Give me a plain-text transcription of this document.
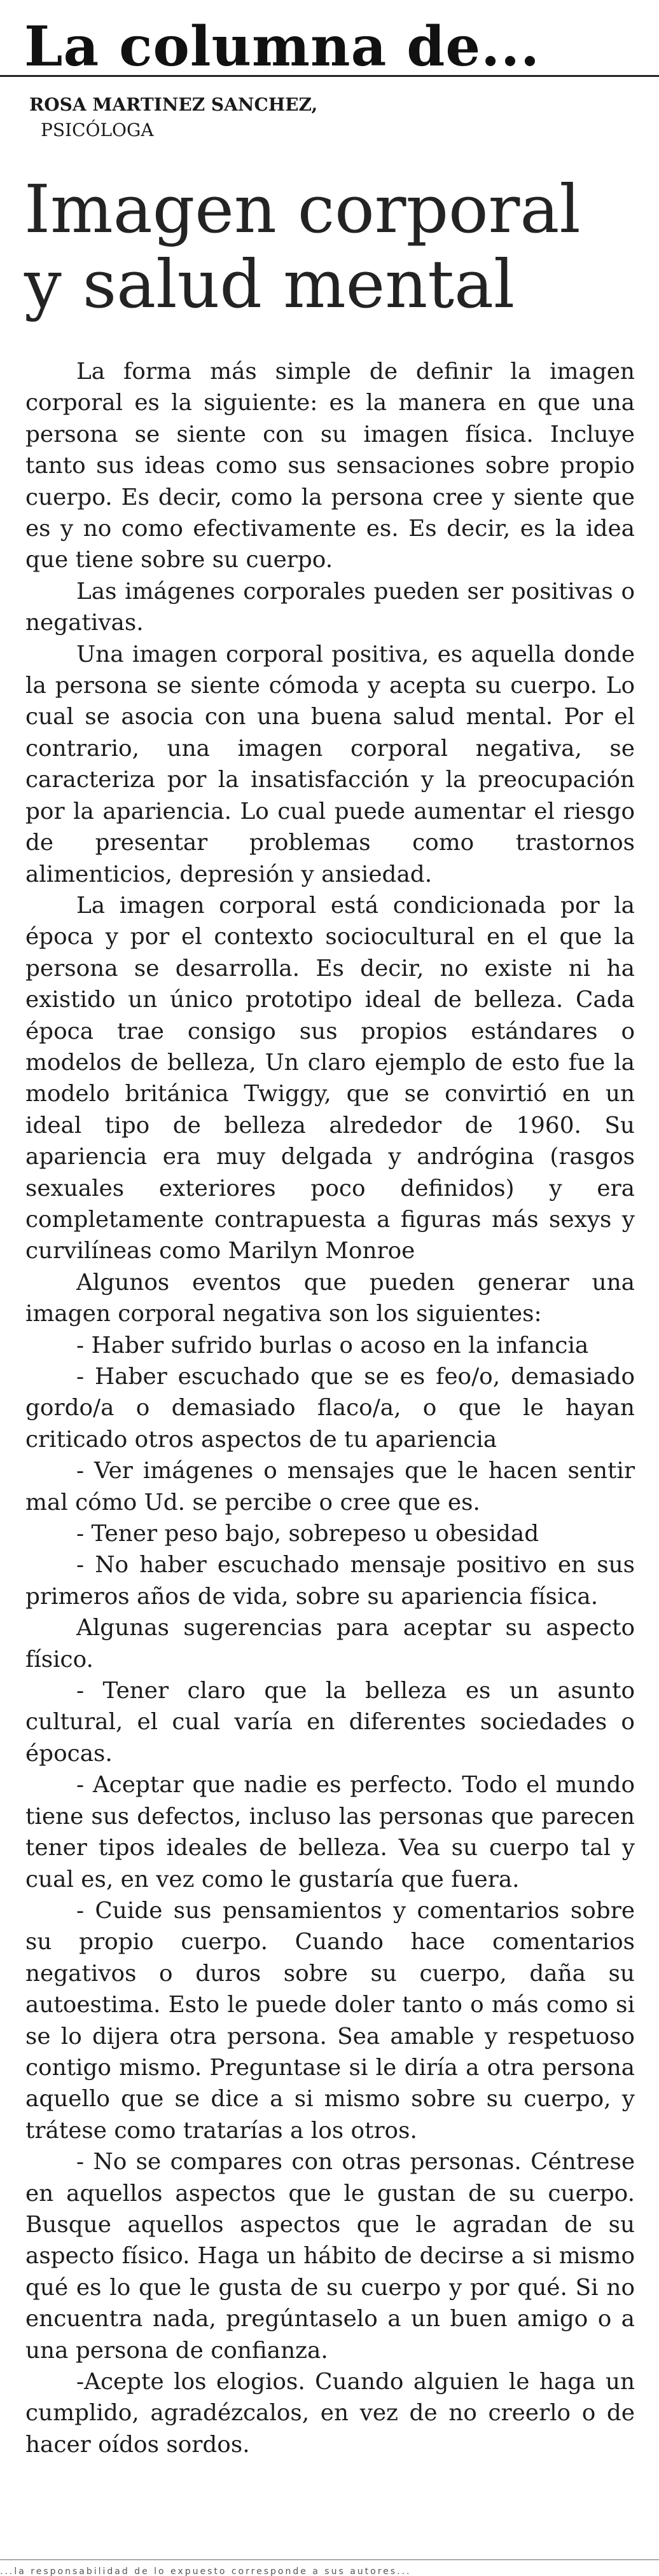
La columna de...
ROSA MARTINEZ SANCHEZ,
PSICÓLOGA
Imagen corporal y salud mental

La forma más simple de definir la imagen corporal es la siguiente: es la manera en que una persona se siente con su imagen física. Incluye tanto sus ideas como sus sensaciones sobre propio cuerpo. Es decir, como la persona cree y siente que es y no como efectivamente es. Es decir, es la idea que tiene sobre su cuerpo.

Las imágenes corporales pueden ser positivas o negativas.

Una imagen corporal positiva, es aquella donde la persona se siente cómoda y acepta su cuerpo. Lo cual se asocia con una buena salud mental. Por el contrario, una imagen corporal negativa, se caracteriza por la insatisfacción y la preocupación por la apariencia. Lo cual puede aumentar el riesgo de presentar problemas como trastornos alimenticios, depresión y ansiedad.

La imagen corporal está condicionada por la época y por el contexto sociocultural en el que la persona se desarrolla. Es decir, no existe ni ha existido un único prototipo ideal de belleza. Cada época trae consigo sus propios estándares o modelos de belleza, Un claro ejemplo de esto fue la modelo británica Twiggy, que se convirtió en un ideal tipo de belleza alrededor de 1960. Su apariencia era muy delgada y andrógina (rasgos sexuales exteriores poco definidos) y era completamente contrapuesta a figuras más sexys y curvilíneas como Marilyn Monroe

Algunos eventos que pueden generar una imagen corporal negativa son los siguientes:

- Haber sufrido burlas o acoso en la infancia

- Haber escuchado que se es feo/o, demasiado gordo/a o demasiado flaco/a, o que le hayan criticado otros aspectos de tu apariencia

- Ver imágenes o mensajes que le hacen sentir mal cómo Ud. se percibe o cree que es.

- Tener peso bajo, sobrepeso u obesidad

- No haber escuchado mensaje positivo en sus primeros años de vida, sobre su apariencia física.

Algunas sugerencias para aceptar su aspecto físico.

- Tener claro que la belleza es un asunto cultural, el cual varía en diferentes sociedades o épocas.

- Aceptar que nadie es perfecto. Todo el mundo tiene sus defectos, incluso las personas que parecen tener tipos ideales de belleza. Vea su cuerpo tal y cual es, en vez como le gustaría que fuera.

- Cuide sus pensamientos y comentarios sobre su propio cuerpo. Cuando hace comentarios negativos o duros sobre su cuerpo, daña su autoestima. Esto le puede doler tanto o más como si se lo dijera otra persona. Sea amable y respetuoso contigo mismo. Preguntase si le diría a otra persona aquello que se dice a si mismo sobre su cuerpo, y trátese como tratarías a los otros.

- No se compares con otras personas. Céntrese en aquellos aspectos que le gustan de su cuerpo. Busque aquellos aspectos que le agradan de su aspecto físico. Haga un hábito de decirse a si mismo qué es lo que le gusta de su cuerpo y por qué. Si no encuentra nada, pregúntaselo a un buen amigo o a una persona de confianza.

-Acepte los elogios. Cuando alguien le haga un cumplido, agradézcalos, en vez de no creerlo o de hacer oídos sordos.

...la responsabilidad de lo expuesto corresponde a sus autores...
